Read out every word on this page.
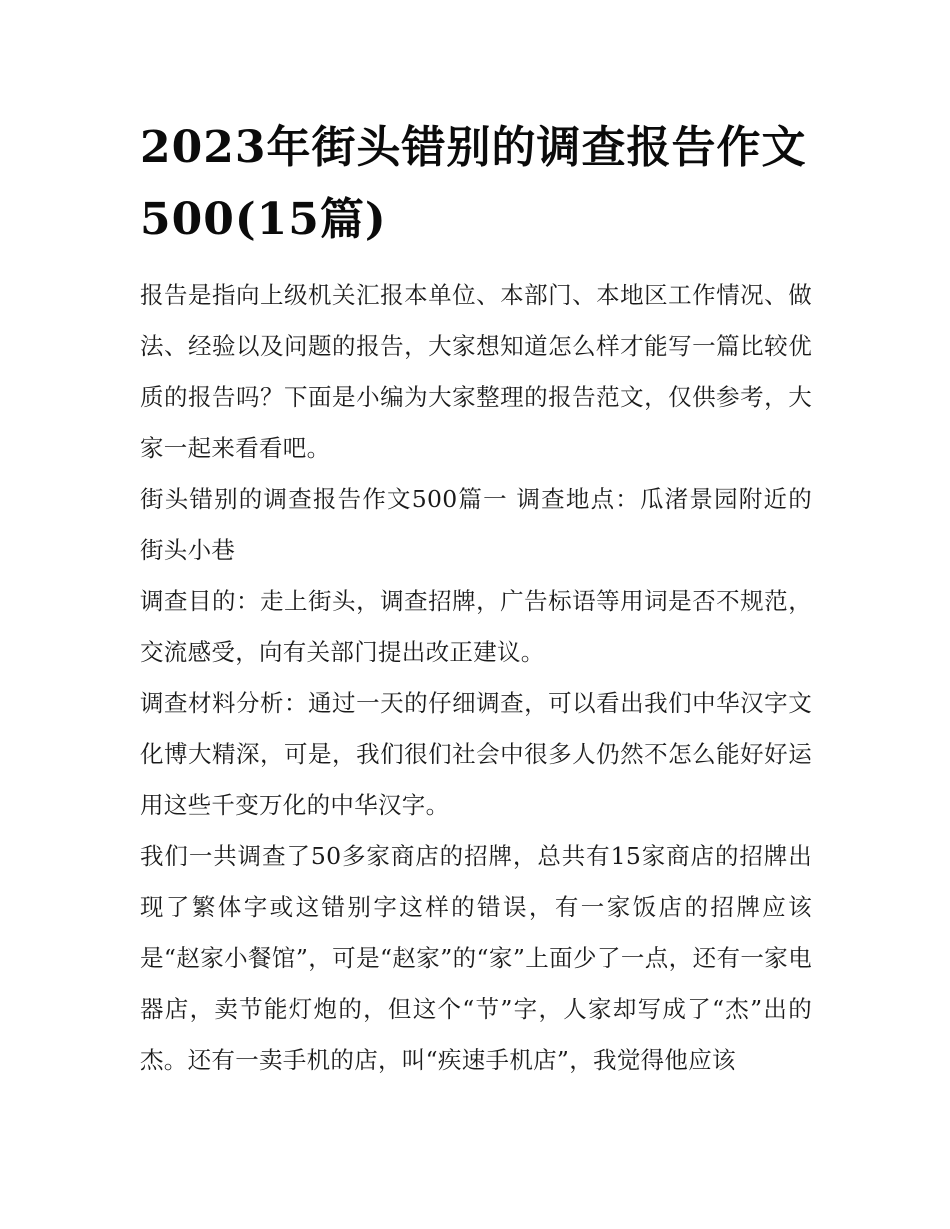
2023年街头错别的调查报告作文500(15篇)

报告是指向上级机关汇报本单位、本部门、本地区工作情况、做法、经验以及问题的报告，大家想知道怎么样才能写一篇比较优质的报告吗？下面是小编为大家整理的报告范文，仅供参考，大家一起来看看吧。

街头错别的调查报告作文500篇一 调查地点：瓜渚景园附近的街头小巷

调查目的：走上街头，调查招牌，广告标语等用词是否不规范，交流感受，向有关部门提出改正建议。

调查材料分析：通过一天的仔细调查，可以看出我们中华汉字文化博大精深，可是，我们很们社会中很多人仍然不怎么能好好运用这些千变万化的中华汉字。

我们一共调查了50多家商店的招牌，总共有15家商店的招牌出现了繁体字或这错别字这样的错误，有一家饭店的招牌应该是“赵家小餐馆”，可是“赵家”的“家”上面少了一点，还有一家电器店，卖节能灯炮的，但这个“节”字，人家却写成了“杰”出的杰。还有一卖手机的店，叫“疾速手机店”，我觉得他应该
